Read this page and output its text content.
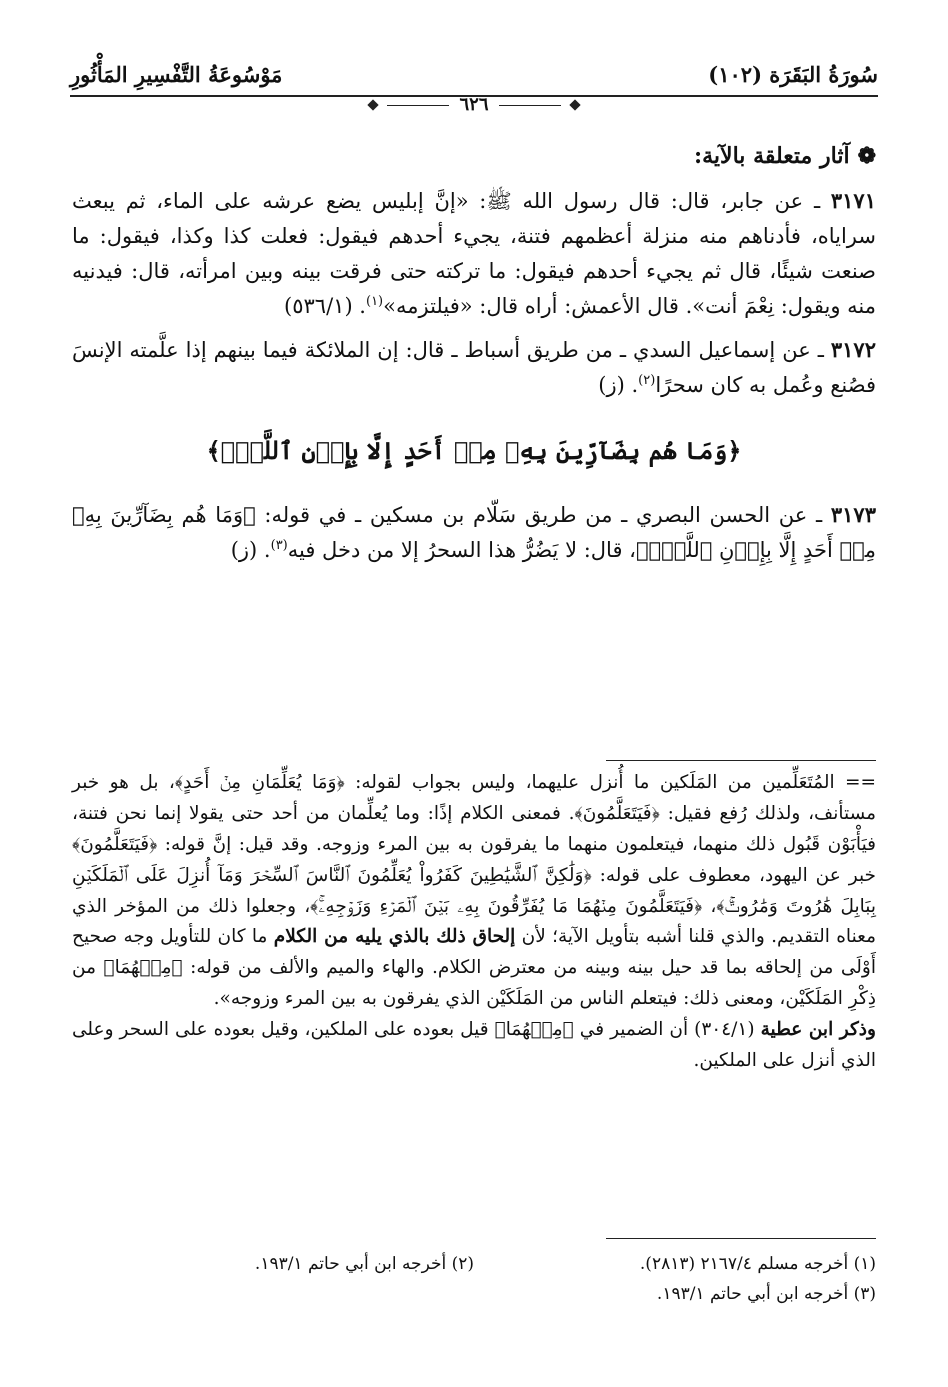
سُورَةُ البَقَرَة (١٠٢)
مَوْسُوعَةُ التَّفْسِيرِ المَأْثُورِ
٦٢٦
❁آثار متعلقة بالآية:

٣١٧١ ـ عن جابر، قال: قال رسول الله ﷺ: «إنَّ إبليس يضع عرشه على الماء، ثم يبعث سراياه، فأدناهم منه منزلة أعظمهم فتنة، يجيء أحدهم فيقول: فعلت كذا وكذا، فيقول: ما صنعت شيئًا، قال ثم يجيء أحدهم فيقول: ما تركته حتى فرقت بينه وبين امرأته، قال: فيدنيه منه ويقول: نِعْمَ أنت». قال الأعمش: أراه قال: «فيلتزمه»$^{(١)}$. (٥٣٦/١)

٣١٧٢ ـ عن إسماعيل السدي ـ من طريق أسباط ـ قال: إن الملائكة فيما بينهم إذا علَّمته الإنسَ فصُنع وعُمل به كان سحرًا$^{(٢)}$. (ز)

﴿وَمَا هُم بِضَآرِّينَ بِهِۦ مِنۡ أَحَدٍ إِلَّا بِإِذۡنِ ٱللَّهِۚ﴾

٣١٧٣ ـ عن الحسن البصري ـ من طريق سَلّام بن مسكين ـ في قوله: ﴿وَمَا هُم بِضَآرِّينَ بِهِۦ مِنۡ أَحَدٍ إِلَّا بِإِذۡنِ ٱللَّهِۚ﴾، قال: لا يَضُرُّ هذا السحرُ إلا من دخل فيه$^{(٣)}$. (ز)

== المُتَعَلِّمين من المَلَكين ما أُنزل عليهما، وليس بجواب لقوله: ﴿وَمَا يُعَلِّمَانِ مِنۡ أَحَدٍ﴾، بل هو خبر مستأنف، ولذلك رُفع فقيل: ﴿فَيَتَعَلَّمُونَ﴾. فمعنى الكلام إذًا: وما يُعلِّمان من أحد حتى يقولا إنما نحن فتنة، فيَأْبَوْن قَبُول ذلك منهما، فيتعلمون منهما ما يفرقون به بين المرء وزوجه. وقد قيل: إنَّ قوله: ﴿فَيَتَعَلَّمُونَ﴾ خبر عن اليهود، معطوف على قوله: ﴿وَلَٰكِنَّ ٱلشَّيَٰطِينَ كَفَرُواْ يُعَلِّمُونَ ٱلنَّاسَ ٱلسِّحۡرَ وَمَآ أُنزِلَ عَلَى ٱلۡمَلَكَيۡنِ بِبَابِلَ هَٰرُوتَ وَمَٰرُوتَۚ﴾، ﴿فَيَتَعَلَّمُونَ مِنۡهُمَا مَا يُفَرِّقُونَ بِهِۦ بَيۡنَ ٱلۡمَرۡءِ وَزَوۡجِهِۦۚ﴾، وجعلوا ذلك من المؤخر الذي معناه التقديم. والذي قلنا أشبه بتأويل الآية؛ لأن إلحاق ذلك بالذي يليه من الكلام ما كان للتأويل وجه صحيح أَوْلَى من إلحاقه بما قد حيل بينه وبينه من معترض الكلام. والهاء والميم والألف من قوله: ﴿مِنۡهُمَا﴾ من ذِكْرِ المَلَكَيْن، ومعنى ذلك: فيتعلم الناس من المَلَكَيْن الذي يفرقون به بين المرء وزوجه».

وذكر ابن عطية (٣٠٤/١) أن الضمير في ﴿مِنۡهُمَا﴾ قيل بعوده على الملكين، وقيل بعوده على السحر وعلى الذي أنزل على الملكين.

(١) أخرجه مسلم ٢١٦٧/٤ (٢٨١٣).
(٢) أخرجه ابن أبي حاتم ١٩٣/١.
(٣) أخرجه ابن أبي حاتم ١٩٣/١.
